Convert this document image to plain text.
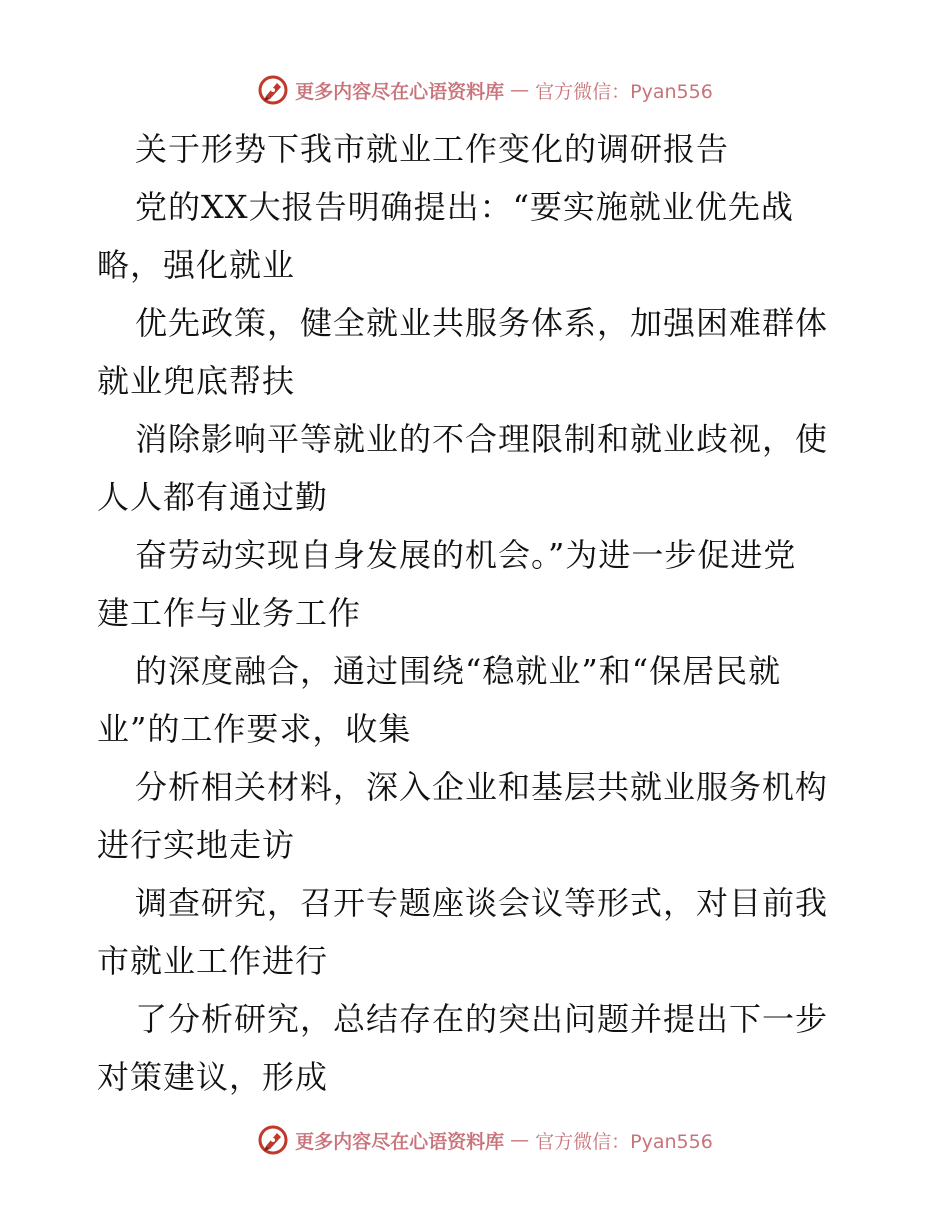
更多内容尽在心语资料库 — 官方微信：Pyan556
关于形势下我市就业工作变化的调研报告
党的XX大报告明确提出：“要实施就业优先战
略，强化就业
优先政策，健全就业共服务体系，加强困难群体
就业兜底帮扶
消除影响平等就业的不合理限制和就业歧视，使
人人都有通过勤
奋劳动实现自身发展的机会。”为进一步促进党
建工作与业务工作
的深度融合，通过围绕“稳就业”和“保居民就
业”的工作要求，收集
分析相关材料，深入企业和基层共就业服务机构
进行实地走访
调查研究，召开专题座谈会议等形式，对目前我
市就业工作进行
了分析研究，总结存在的突出问题并提出下一步
对策建议，形成
更多内容尽在心语资料库 — 官方微信：Pyan556
